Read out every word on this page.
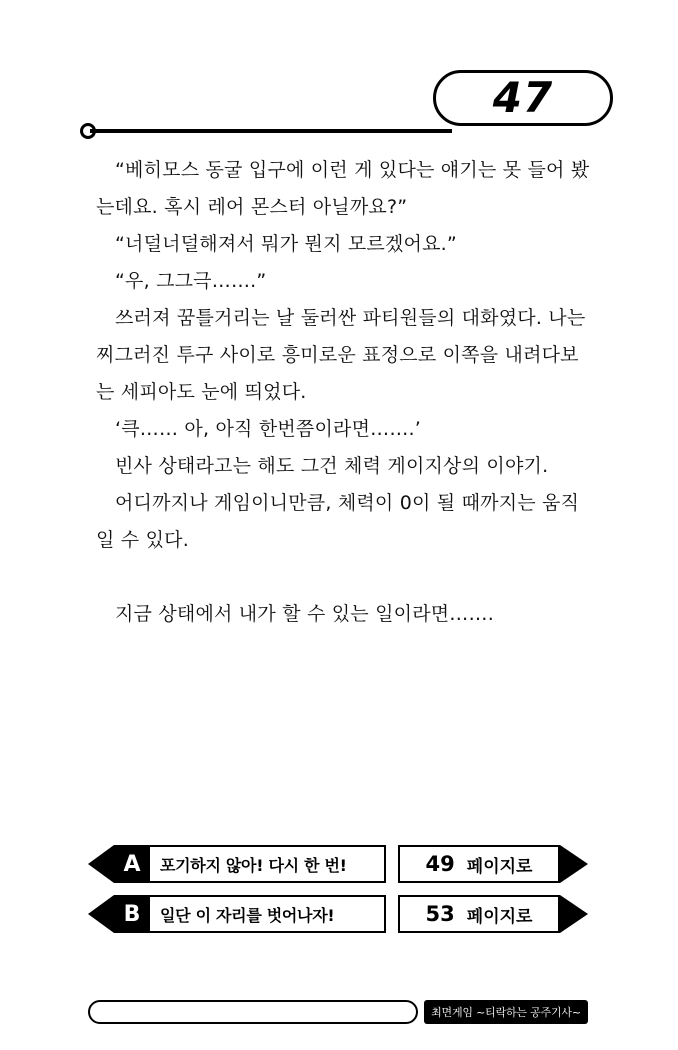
47

“베히모스 동굴 입구에 이런 게 있다는 얘기는 못 들어 봤는데요. 혹시 레어 몬스터 아닐까요?”

“너덜너덜해져서 뭐가 뭔지 모르겠어요.”

“우, 그그극…….”

쓰러져 꿈틀거리는 날 둘러싼 파티원들의 대화였다. 나는 찌그러진 투구 사이로 흥미로운 표정으로 이쪽을 내려다보는 세피아도 눈에 띄었다.

‘큭…… 아, 아직 한번쯤이라면…….’

빈사 상태라고는 해도 그건 체력 게이지상의 이야기.

어디까지나 게임이니만큼, 체력이 0이 될 때까지는 움직일 수 있다.

지금 상태에서 내가 할 수 있는 일이라면…….

A	포기하지 않아! 다시 한 번!	49 페이지로
B	일단 이 자리를 벗어나자!	53 페이지로
최면게임 ~티락하는 공주기사~
